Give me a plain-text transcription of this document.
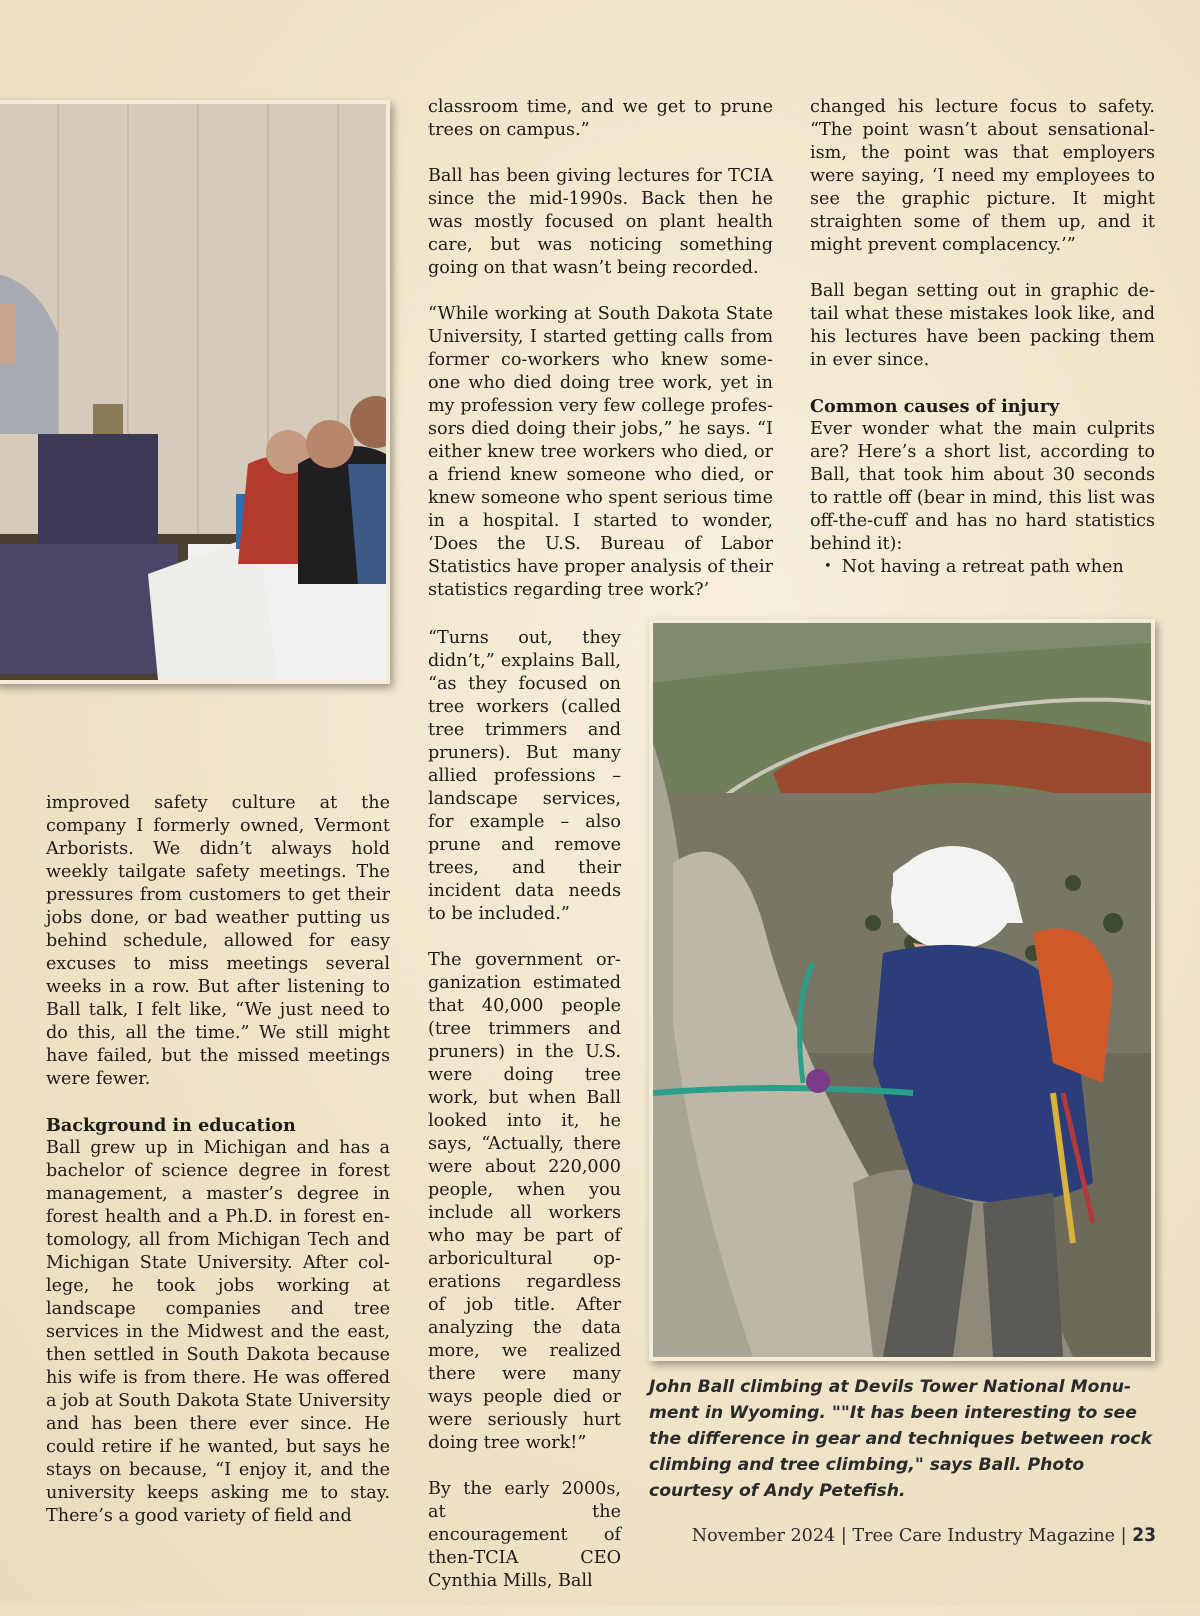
improved safety culture at the company I formerly owned, Vermont Arborists. We didn’t always hold weekly tailgate safety meetings. The pressures from customers to get their jobs done, or bad weather putting us behind schedule, allowed for easy excuses to miss meetings several weeks in a row. But after listening to Ball talk, I felt like, “We just need to do this, all the time.” We still might have failed, but the missed meetings were fewer.

Background in education

Ball grew up in Michigan and has a bachelor of science degree in forest management, a master’s degree in forest health and a Ph.D. in forest entomology, all from Michigan Tech and Michigan State University. After college, he took jobs working at landscape companies and tree services in the Midwest and the east, then settled in South Dakota because his wife is from there. He was offered a job at South Dakota State University and has been there ever since. He could retire if he wanted, but says he stays on because, “I enjoy it, and the university keeps asking me to stay. There’s a good variety of field and

classroom time, and we get to prune trees on campus.”

Ball has been giving lectures for TCIA since the mid-1990s. Back then he was mostly focused on plant health care, but was noticing something going on that wasn’t being recorded.

“While working at South Dakota State University, I started getting calls from former co-workers who knew someone who died doing tree work, yet in my profession very few college professors died doing their jobs,” he says. “I either knew tree workers who died, or a friend knew someone who died, or knew someone who spent serious time in a hospital. I started to wonder, ‘Does the U.S. Bureau of Labor Statistics have proper analysis of their statistics regarding tree work?’

“Turns out, they didn’t,” explains Ball, “as they focused on tree workers (called tree trimmers and pruners). But many allied professions – landscape services, for example – also prune and remove trees, and their incident data needs to be included.”

The government organization estimated that 40,000 people (tree trimmers and pruners) in the U.S. were doing tree work, but when Ball looked into it, he says, “Actually, there were about 220,000 people, when you include all workers who may be part of arboricultural operations regardless of job title. After analyzing the data more, we realized there were many ways people died or were seriously hurt doing tree work!”

By the early 2000s, at the encouragement of then-TCIA CEO Cynthia Mills, Ball

changed his lecture focus to safety. “The point wasn’t about sensationalism, the point was that employers were saying, ‘I need my employees to see the graphic picture. It might straighten some of them up, and it might prevent complacency.’”

Ball began setting out in graphic detail what these mistakes look like, and his lectures have been packing them in ever since.

Common causes of injury

Ever wonder what the main culprits are? Here’s a short list, according to Ball, that took him about 30 seconds to rattle off (bear in mind, this list was off-the-cuff and has no hard statistics behind it):

• Not having a retreat path when
John Ball climbing at Devils Tower National Monument in Wyoming. ""It has been interesting to see the difference in gear and techniques between rock climbing and tree climbing," says Ball. Photo courtesy of Andy Petefish.
November 2024 | Tree Care Industry Magazine | 23
